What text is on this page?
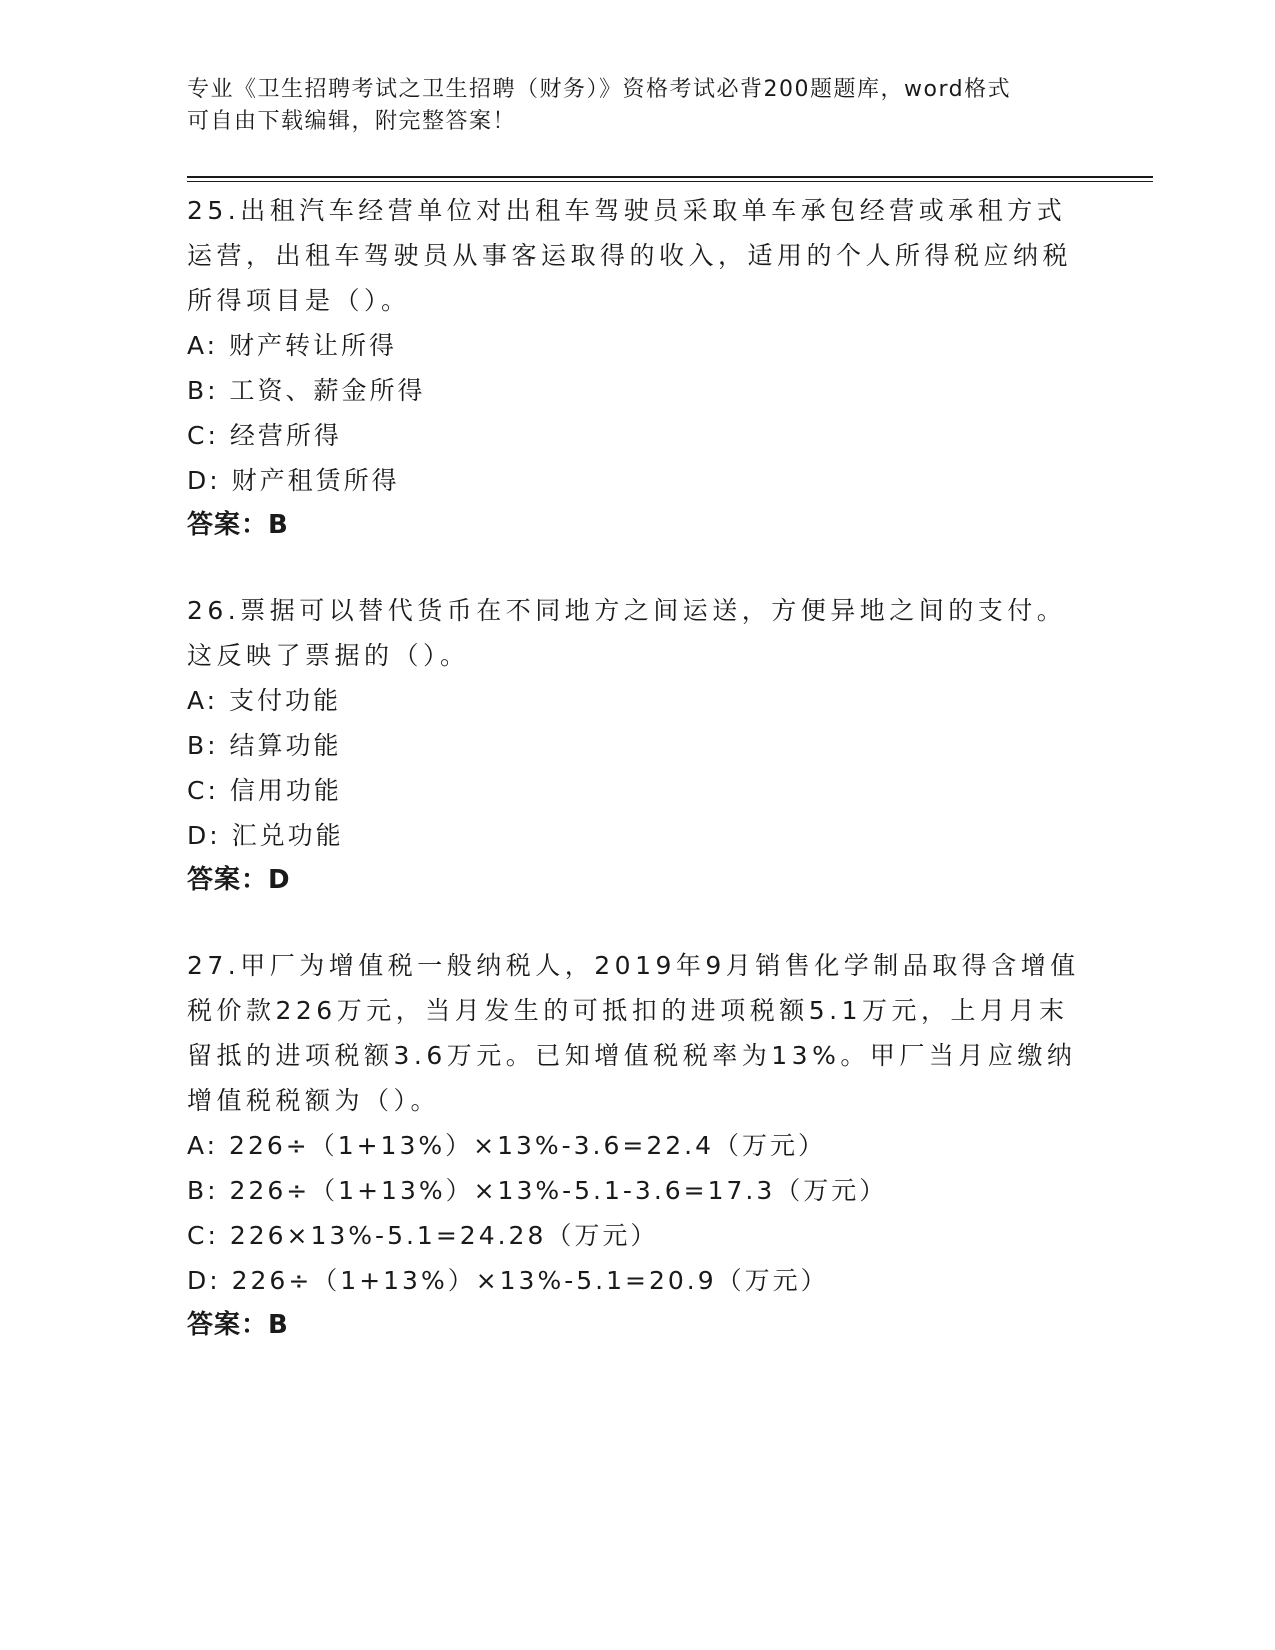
专业《卫生招聘考试之卫生招聘（财务）》资格考试必背200题题库，word格式
可自由下载编辑，附完整答案！

25.出租汽车经营单位对出租车驾驶员采取单车承包经营或承租方式运营，出租车驾驶员从事客运取得的收入，适用的个人所得税应纳税所得项目是（）。

A: 财产转让所得

B: 工资、薪金所得

C: 经营所得

D: 财产租赁所得

答案：B

26.票据可以替代货币在不同地方之间运送，方便异地之间的支付。这反映了票据的（）。

A: 支付功能

B: 结算功能

C: 信用功能

D: 汇兑功能

答案：D

27.甲厂为增值税一般纳税人，2019年9月销售化学制品取得含增值税价款226万元，当月发生的可抵扣的进项税额5.1万元，上月月末留抵的进项税额3.6万元。已知增值税税率为13%。甲厂当月应缴纳增值税税额为（）。

A: 226÷（1+13%）×13%-3.6=22.4（万元）

B: 226÷（1+13%）×13%-5.1-3.6=17.3（万元）

C: 226×13%-5.1=24.28（万元）

D: 226÷（1+13%）×13%-5.1=20.9（万元）

答案：B
